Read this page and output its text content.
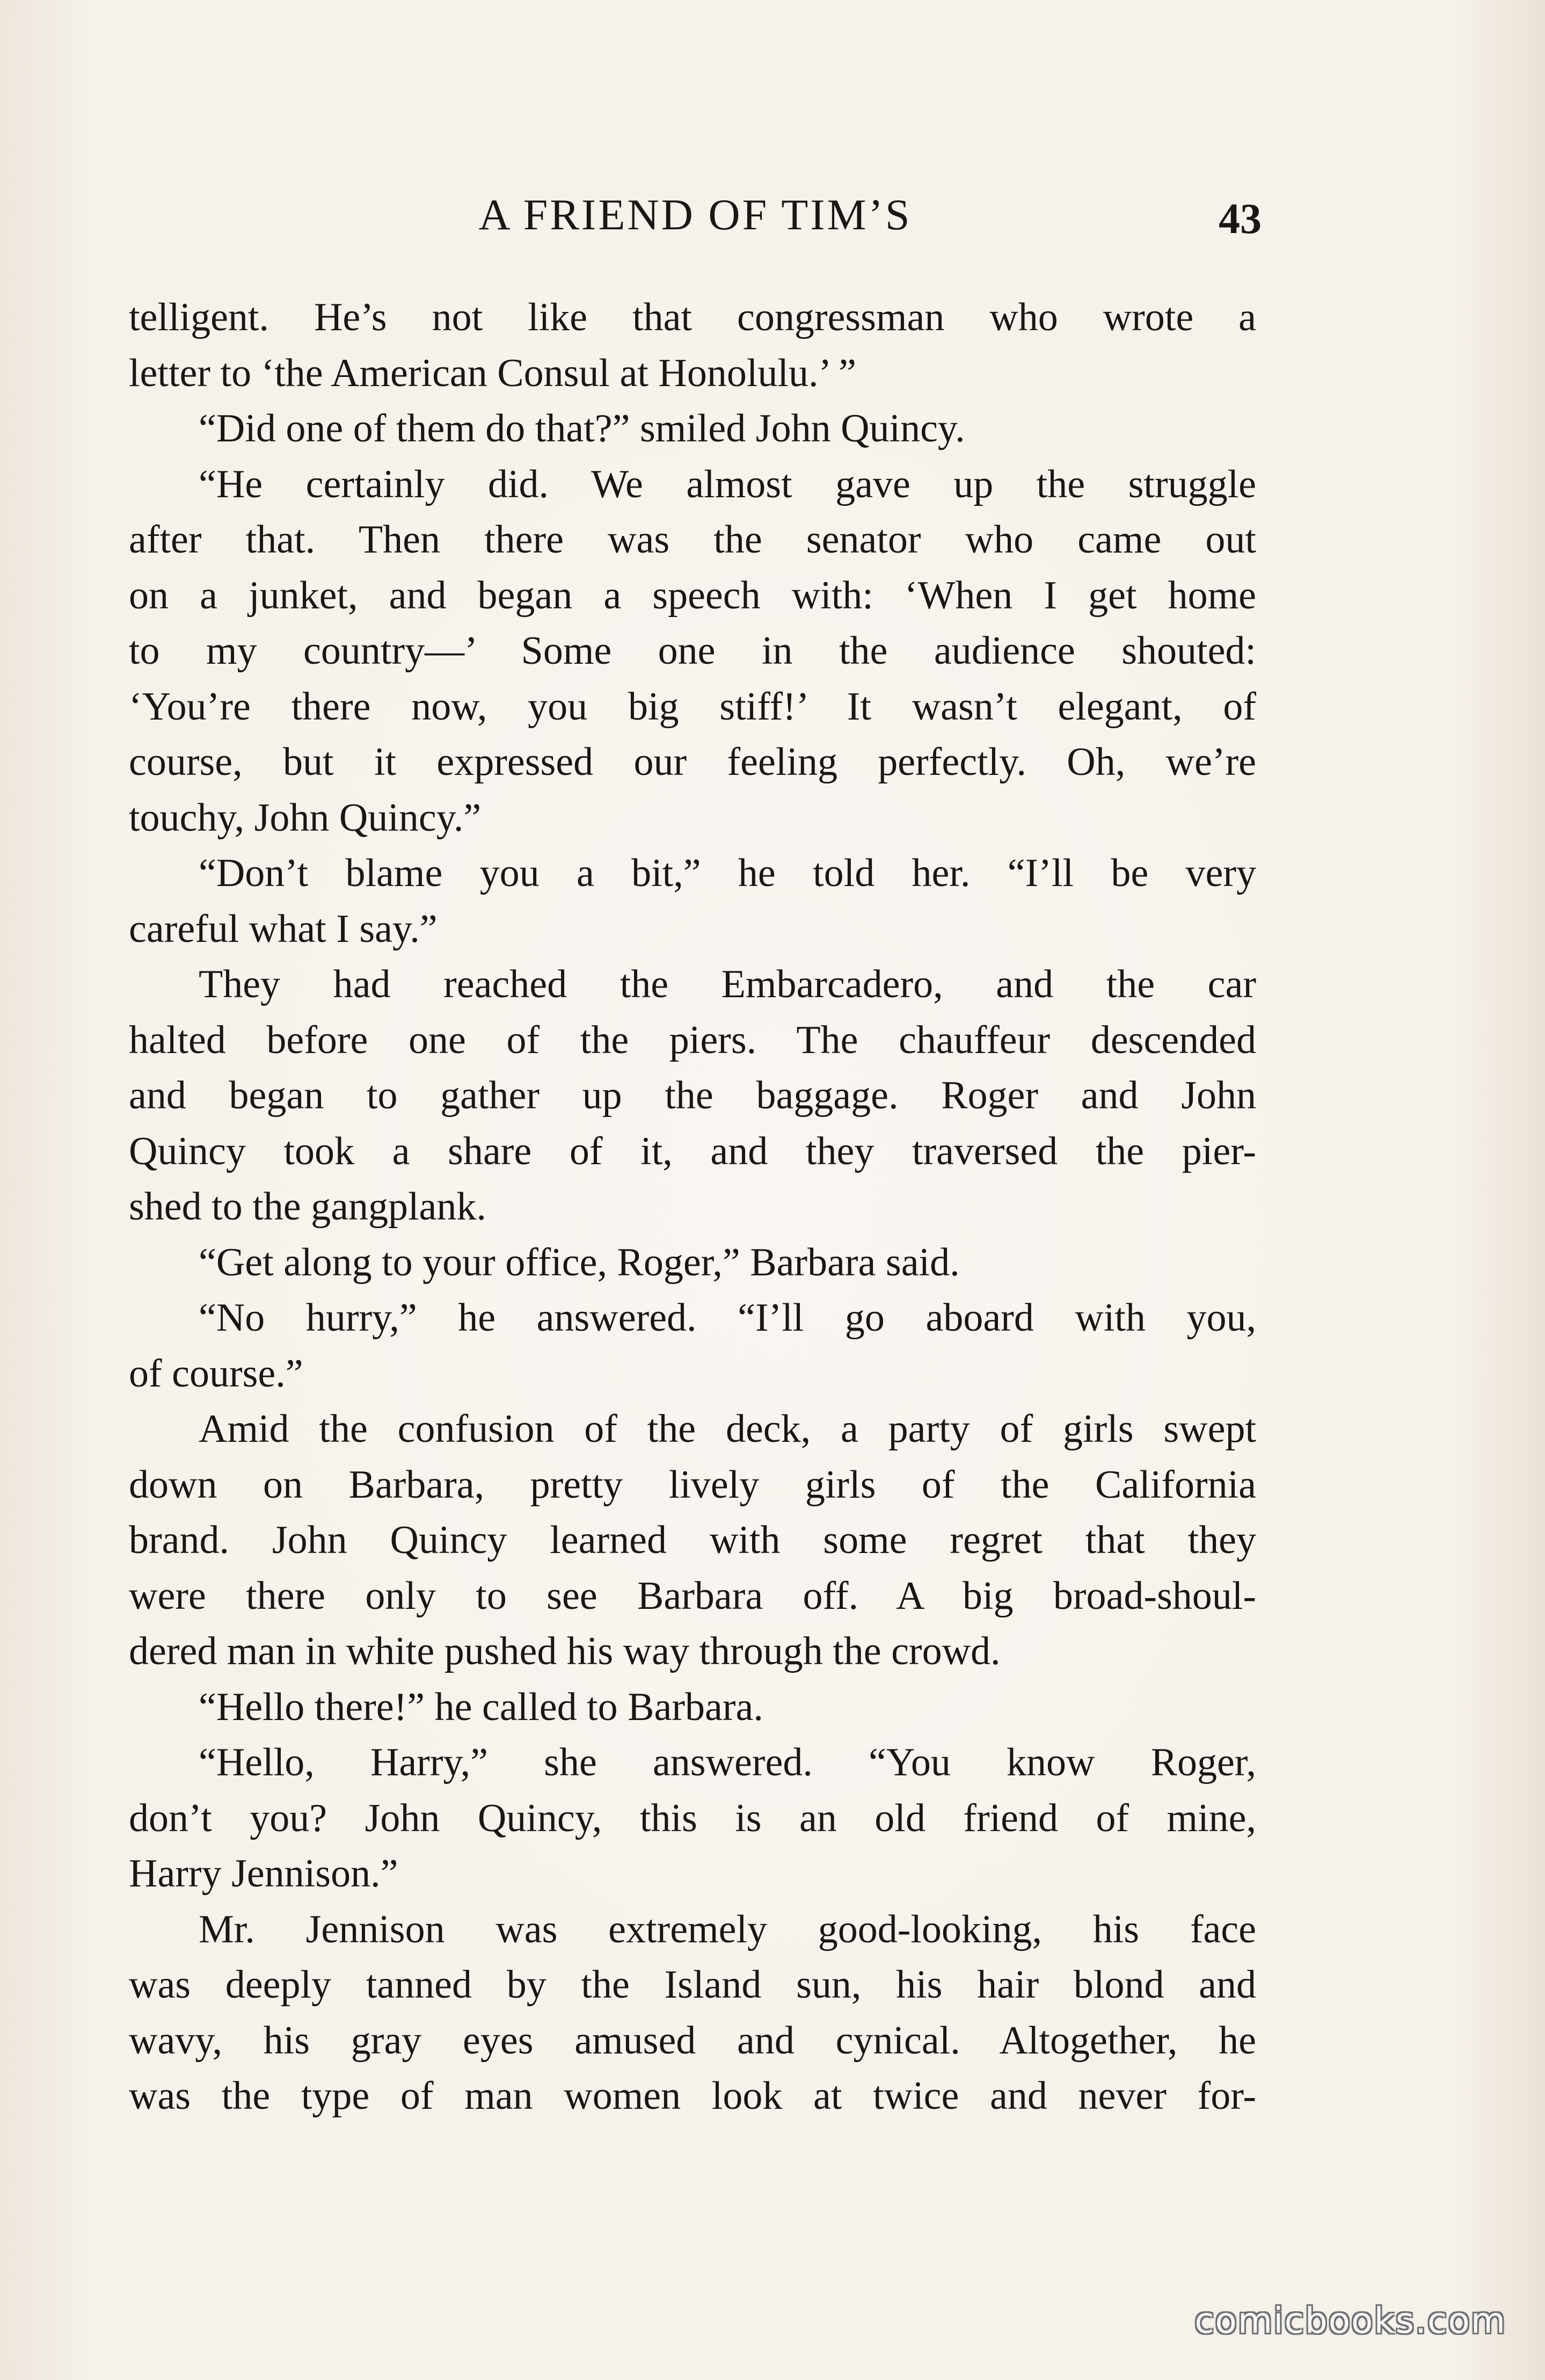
A FRIEND OF TIM’S	43
telligent. He’s not like that congressman who wrote a
letter to ‘the American Consul at Honolulu.’ ”
“Did one of them do that?” smiled John Quincy.
“He certainly did. We almost gave up the struggle
after that. Then there was the senator who came out
on a junket, and began a speech with: ‘When I get home
to my country—’ Some one in the audience shouted:
‘You’re there now, you big stiff!’ It wasn’t elegant, of
course, but it expressed our feeling perfectly. Oh, we’re
touchy, John Quincy.”
“Don’t blame you a bit,” he told her. “I’ll be very
careful what I say.”
They had reached the Embarcadero, and the car
halted before one of the piers. The chauffeur descended
and began to gather up the baggage. Roger and John
Quincy took a share of it, and they traversed the pier-
shed to the gangplank.
“Get along to your office, Roger,” Barbara said.
“No hurry,” he answered. “I’ll go aboard with you,
of course.”
Amid the confusion of the deck, a party of girls swept
down on Barbara, pretty lively girls of the California
brand. John Quincy learned with some regret that they
were there only to see Barbara off. A big broad-shoul-
dered man in white pushed his way through the crowd.
“Hello there!” he called to Barbara.
“Hello, Harry,” she answered. “You know Roger,
don’t you? John Quincy, this is an old friend of mine,
Harry Jennison.”
Mr. Jennison was extremely good-looking, his face
was deeply tanned by the Island sun, his hair blond and
wavy, his gray eyes amused and cynical. Altogether, he
was the type of man women look at twice and never for-
comicbooks.com
